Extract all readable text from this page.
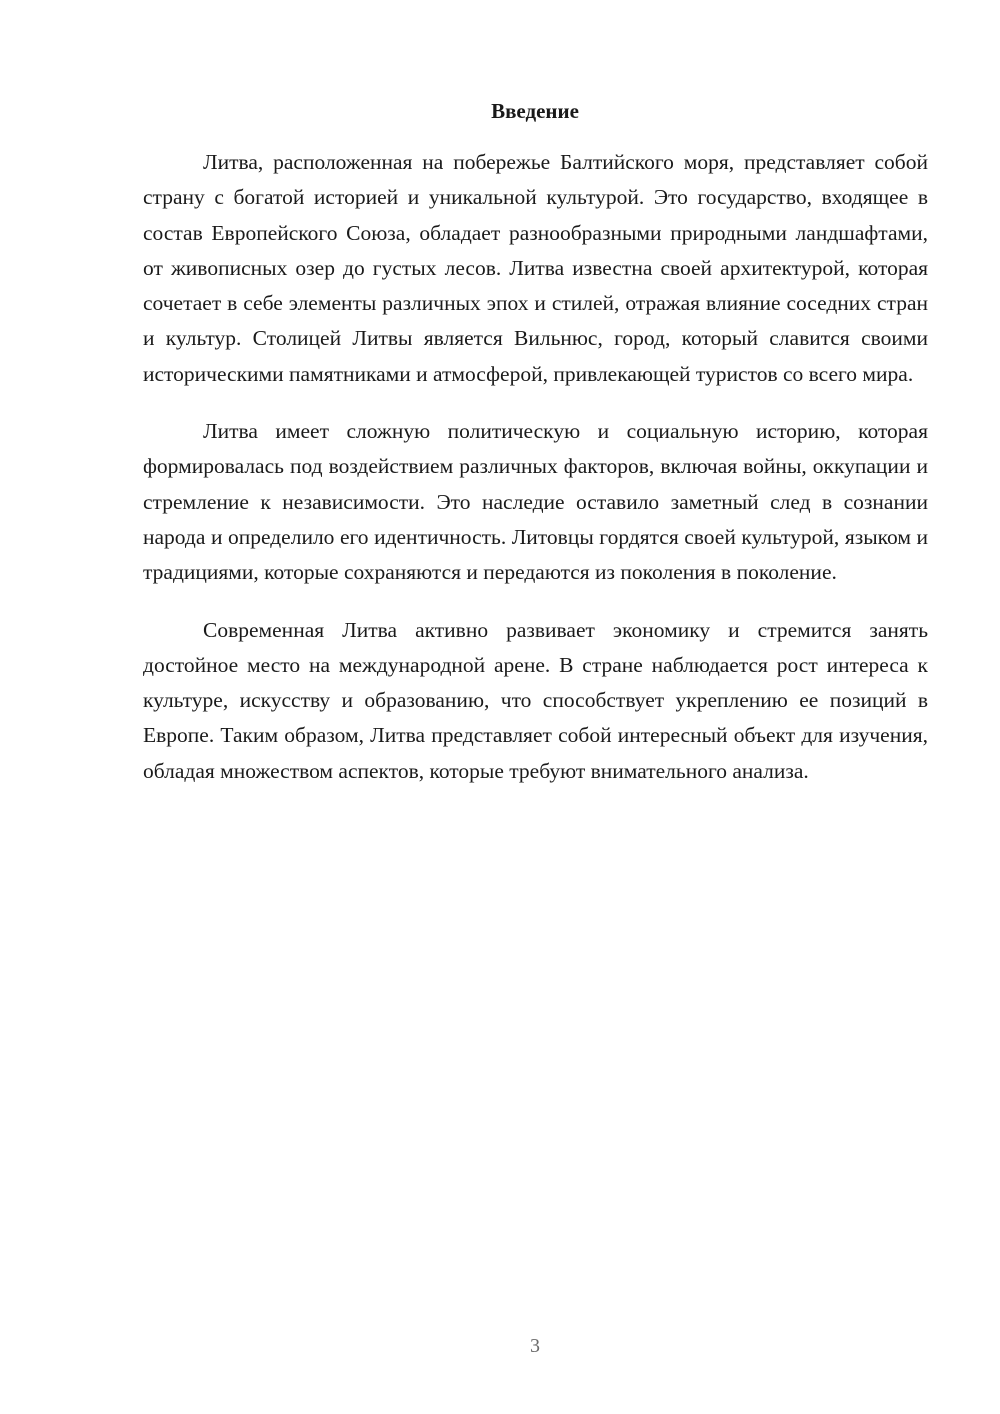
Введение

Литва, расположенная на побережье Балтийского моря, представляет собой страну с богатой историей и уникальной культурой. Это государство, входящее в состав Европейского Союза, обладает разнообразными природными ландшафтами, от живописных озер до густых лесов. Литва известна своей архитектурой, которая сочетает в себе элементы различных эпох и стилей, отражая влияние соседних стран и культур. Столицей Литвы является Вильнюс, город, который славится своими историческими памятниками и атмосферой, привлекающей туристов со всего мира.

Литва имеет сложную политическую и социальную историю, которая формировалась под воздействием различных факторов, включая войны, оккупации и стремление к независимости. Это наследие оставило заметный след в сознании народа и определило его идентичность. Литовцы гордятся своей культурой, языком и традициями, которые сохраняются и передаются из поколения в поколение.

Современная Литва активно развивает экономику и стремится занять достойное место на международной арене. В стране наблюдается рост интереса к культуре, искусству и образованию, что способствует укреплению ее позиций в Европе. Таким образом, Литва представляет собой интересный объект для изучения, обладая множеством аспектов, которые требуют внимательного анализа.

3
